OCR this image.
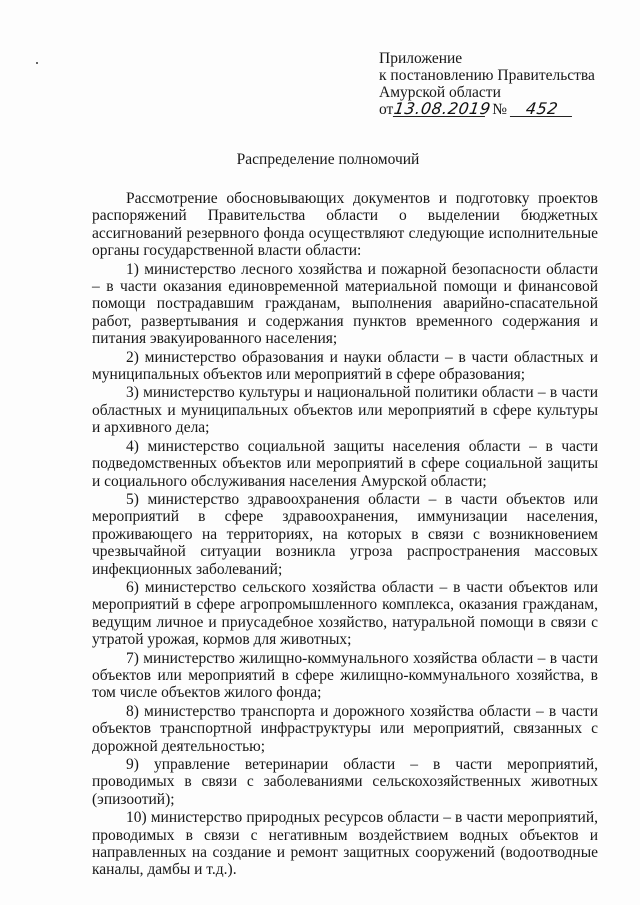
Приложение
к постановлению Правительства
Амурской области
от13.08.2019 № 452
Распределение полномочий

Рассмотрение обосновывающих документов и подготовку проектов распоряжений Правительства области о выделении бюджетных ассигнований резервного фонда осуществляют следующие исполнительные органы государственной власти области:

1) министерство лесного хозяйства и пожарной безопасности области – в части оказания единовременной материальной помощи и финансовой помощи пострадавшим гражданам, выполнения аварийно-спасательной работ, развертывания и содержания пунктов временного содержания и питания эвакуированного населения;

2) министерство образования и науки области – в части областных и муниципальных объектов или мероприятий в сфере образования;

3) министерство культуры и национальной политики области – в части областных и муниципальных объектов или мероприятий в сфере культуры и архивного дела;

4) министерство социальной защиты населения области – в части подведомственных объектов или мероприятий в сфере социальной защиты и социального обслуживания населения Амурской области;

5) министерство здравоохранения области – в части объектов или мероприятий в сфере здравоохранения, иммунизации населения, проживающего на территориях, на которых в связи с возникновением чрезвычайной ситуации возникла угроза распространения массовых инфекционных заболеваний;

6) министерство сельского хозяйства области – в части объектов или мероприятий в сфере агропромышленного комплекса, оказания гражданам, ведущим личное и приусадебное хозяйство, натуральной помощи в связи с утратой урожая, кормов для животных;

7) министерство жилищно-коммунального хозяйства области – в части объектов или мероприятий в сфере жилищно-коммунального хозяйства, в том числе объектов жилого фонда;

8) министерство транспорта и дорожного хозяйства области – в части объектов транспортной инфраструктуры или мероприятий, связанных с дорожной деятельностью;

9) управление ветеринарии области – в части мероприятий, проводимых в связи с заболеваниями сельскохозяйственных животных (эпизоотий);

10) министерство природных ресурсов области – в части мероприятий, проводимых в связи с негативным воздействием водных объектов и направленных на создание и ремонт защитных сооружений (водоотводные каналы, дамбы и т.д.).
